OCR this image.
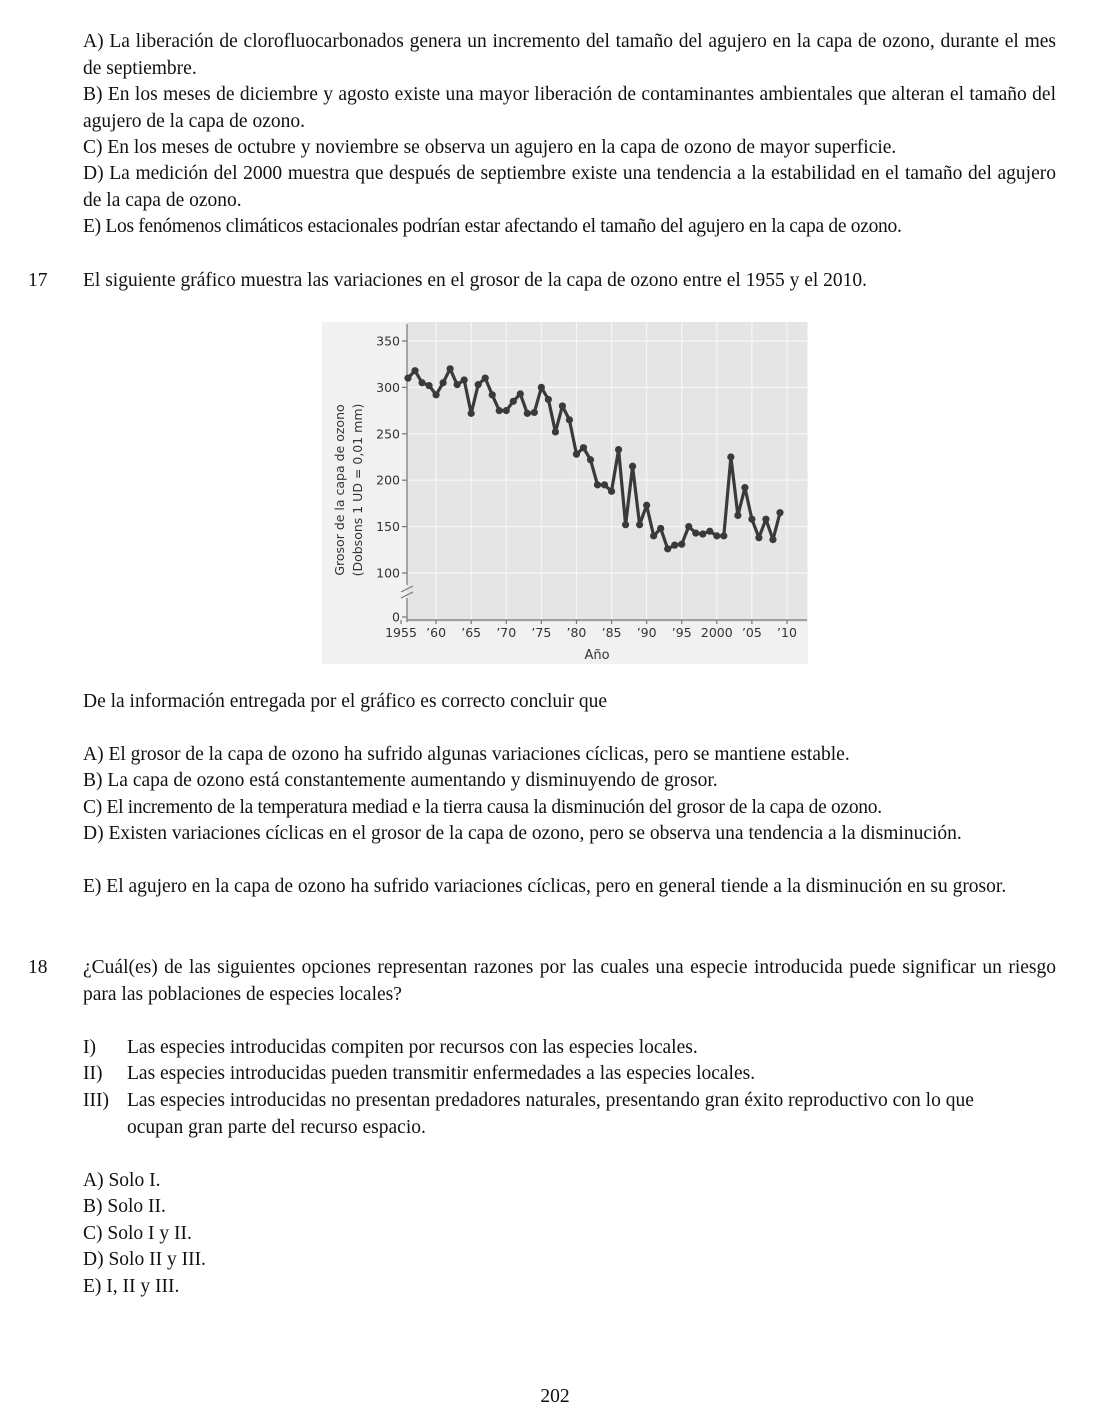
A) La liberación de clorofluocarbonados genera un incremento del tamaño del agujero en la capa de ozono, durante el mes de septiembre.

B) En los meses de diciembre y agosto existe una mayor liberación de contaminantes ambientales que alteran el tamaño del agujero de la capa de ozono.

C) En los meses de octubre y noviembre se observa un agujero en la capa de ozono de mayor superficie.

D) La medición del 2000 muestra que después de septiembre existe una tendencia a la estabilidad en el tamaño del agujero de la capa de ozono.

E) Los fenómenos climáticos estacionales podrían estar afectando el tamaño del agujero en la capa de ozono.

17 El siguiente gráfico muestra las variaciones en el grosor de la capa de ozono entre el 1955 y el 2010.

0
100
150
200
250
300
350
1955 ’60 ’65 ’70 ’75 ’80 ’85 ’90 ’95 2000 ’05 ’10
Grosor de la capa de ozono (Dobsons 1 UD = 0,01 mm)
Año

De la información entregada por el gráfico es correcto concluir que

A) El grosor de la capa de ozono ha sufrido algunas variaciones cíclicas, pero se mantiene estable.

B) La capa de ozono está constantemente aumentando y disminuyendo de grosor.

C) El incremento de la temperatura mediad e la tierra causa la disminución del grosor de la capa de ozono.

D) Existen variaciones cíclicas en el grosor de la capa de ozono, pero se observa una tendencia a la disminución.

E) El agujero en la capa de ozono ha sufrido variaciones cíclicas, pero en general tiende a la disminución en su grosor.

18 ¿Cuál(es) de las siguientes opciones representan razones por las cuales una especie introducida puede significar un riesgo para las poblaciones de especies locales?

I) Las especies introducidas compiten por recursos con las especies locales.
II) Las especies introducidas pueden transmitir enfermedades a las especies locales.
III) Las especies introducidas no presentan predadores naturales, presentando gran éxito reproductivo con lo que ocupan gran parte del recurso espacio.

A) Solo I.

B) Solo II.

C) Solo I y II.

D) Solo II y III.

E) I, II y III.

202
